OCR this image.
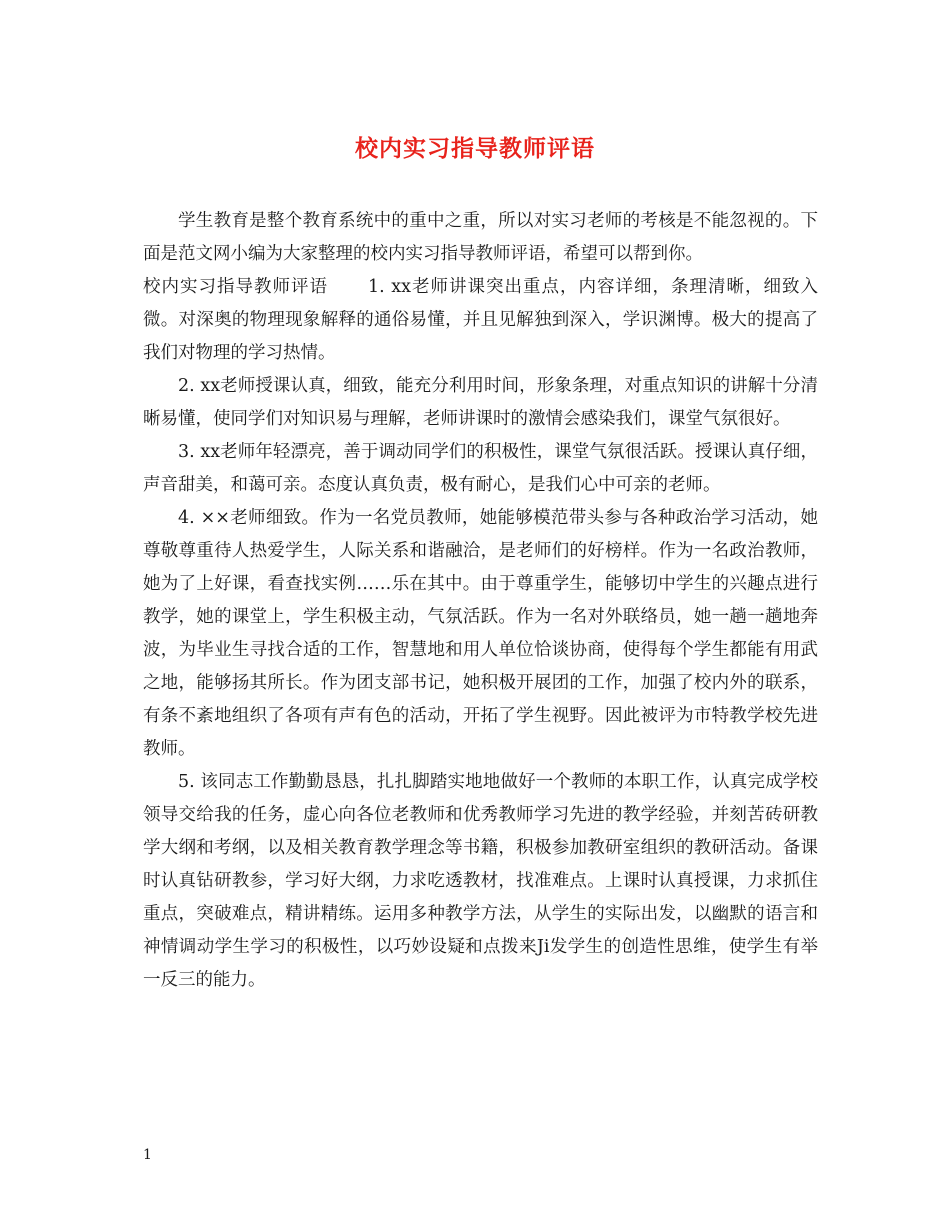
校内实习指导教师评语

学生教育是整个教育系统中的重中之重，所以对实习老师的考核是不能忽视的。下面是范文网小编为大家整理的校内实习指导教师评语，希望可以帮到你。

校内实习指导教师评语 1. xx老师讲课突出重点，内容详细，条理清晰，细致入微。对深奥的物理现象解释的通俗易懂，并且见解独到深入，学识渊博。极大的提高了我们对物理的学习热情。

2. xx老师授课认真，细致，能充分利用时间，形象条理，对重点知识的讲解十分清晰易懂，使同学们对知识易与理解，老师讲课时的激情会感染我们，课堂气氛很好。

3. xx老师年轻漂亮，善于调动同学们的积极性，课堂气氛很活跃。授课认真仔细，声音甜美，和蔼可亲。态度认真负责，极有耐心，是我们心中可亲的老师。

4. ××老师细致。作为一名党员教师，她能够模范带头参与各种政治学习活动，她尊敬尊重待人热爱学生，人际关系和谐融洽，是老师们的好榜样。作为一名政治教师，她为了上好课，看查找实例……乐在其中。由于尊重学生，能够切中学生的兴趣点进行教学，她的课堂上，学生积极主动，气氛活跃。作为一名对外联络员，她一趟一趟地奔波，为毕业生寻找合适的工作，智慧地和用人单位恰谈协商，使得每个学生都能有用武之地，能够扬其所长。作为团支部书记，她积极开展团的工作，加强了校内外的联系，有条不紊地组织了各项有声有色的活动，开拓了学生视野。因此被评为市特教学校先进教师。

5. 该同志工作勤勤恳恳，扎扎脚踏实地地做好一个教师的本职工作，认真完成学校领导交给我的任务，虚心向各位老教师和优秀教师学习先进的教学经验，并刻苦砖研教学大纲和考纲，以及相关教育教学理念等书籍，积极参加教研室组织的教研活动。备课时认真钻研教参，学习好大纲，力求吃透教材，找准难点。上课时认真授课，力求抓住重点，突破难点，精讲精练。运用多种教学方法，从学生的实际出发，以幽默的语言和神情调动学生学习的积极性，以巧妙设疑和点拨来Ji发学生的创造性思维，使学生有举一反三的能力。

1
